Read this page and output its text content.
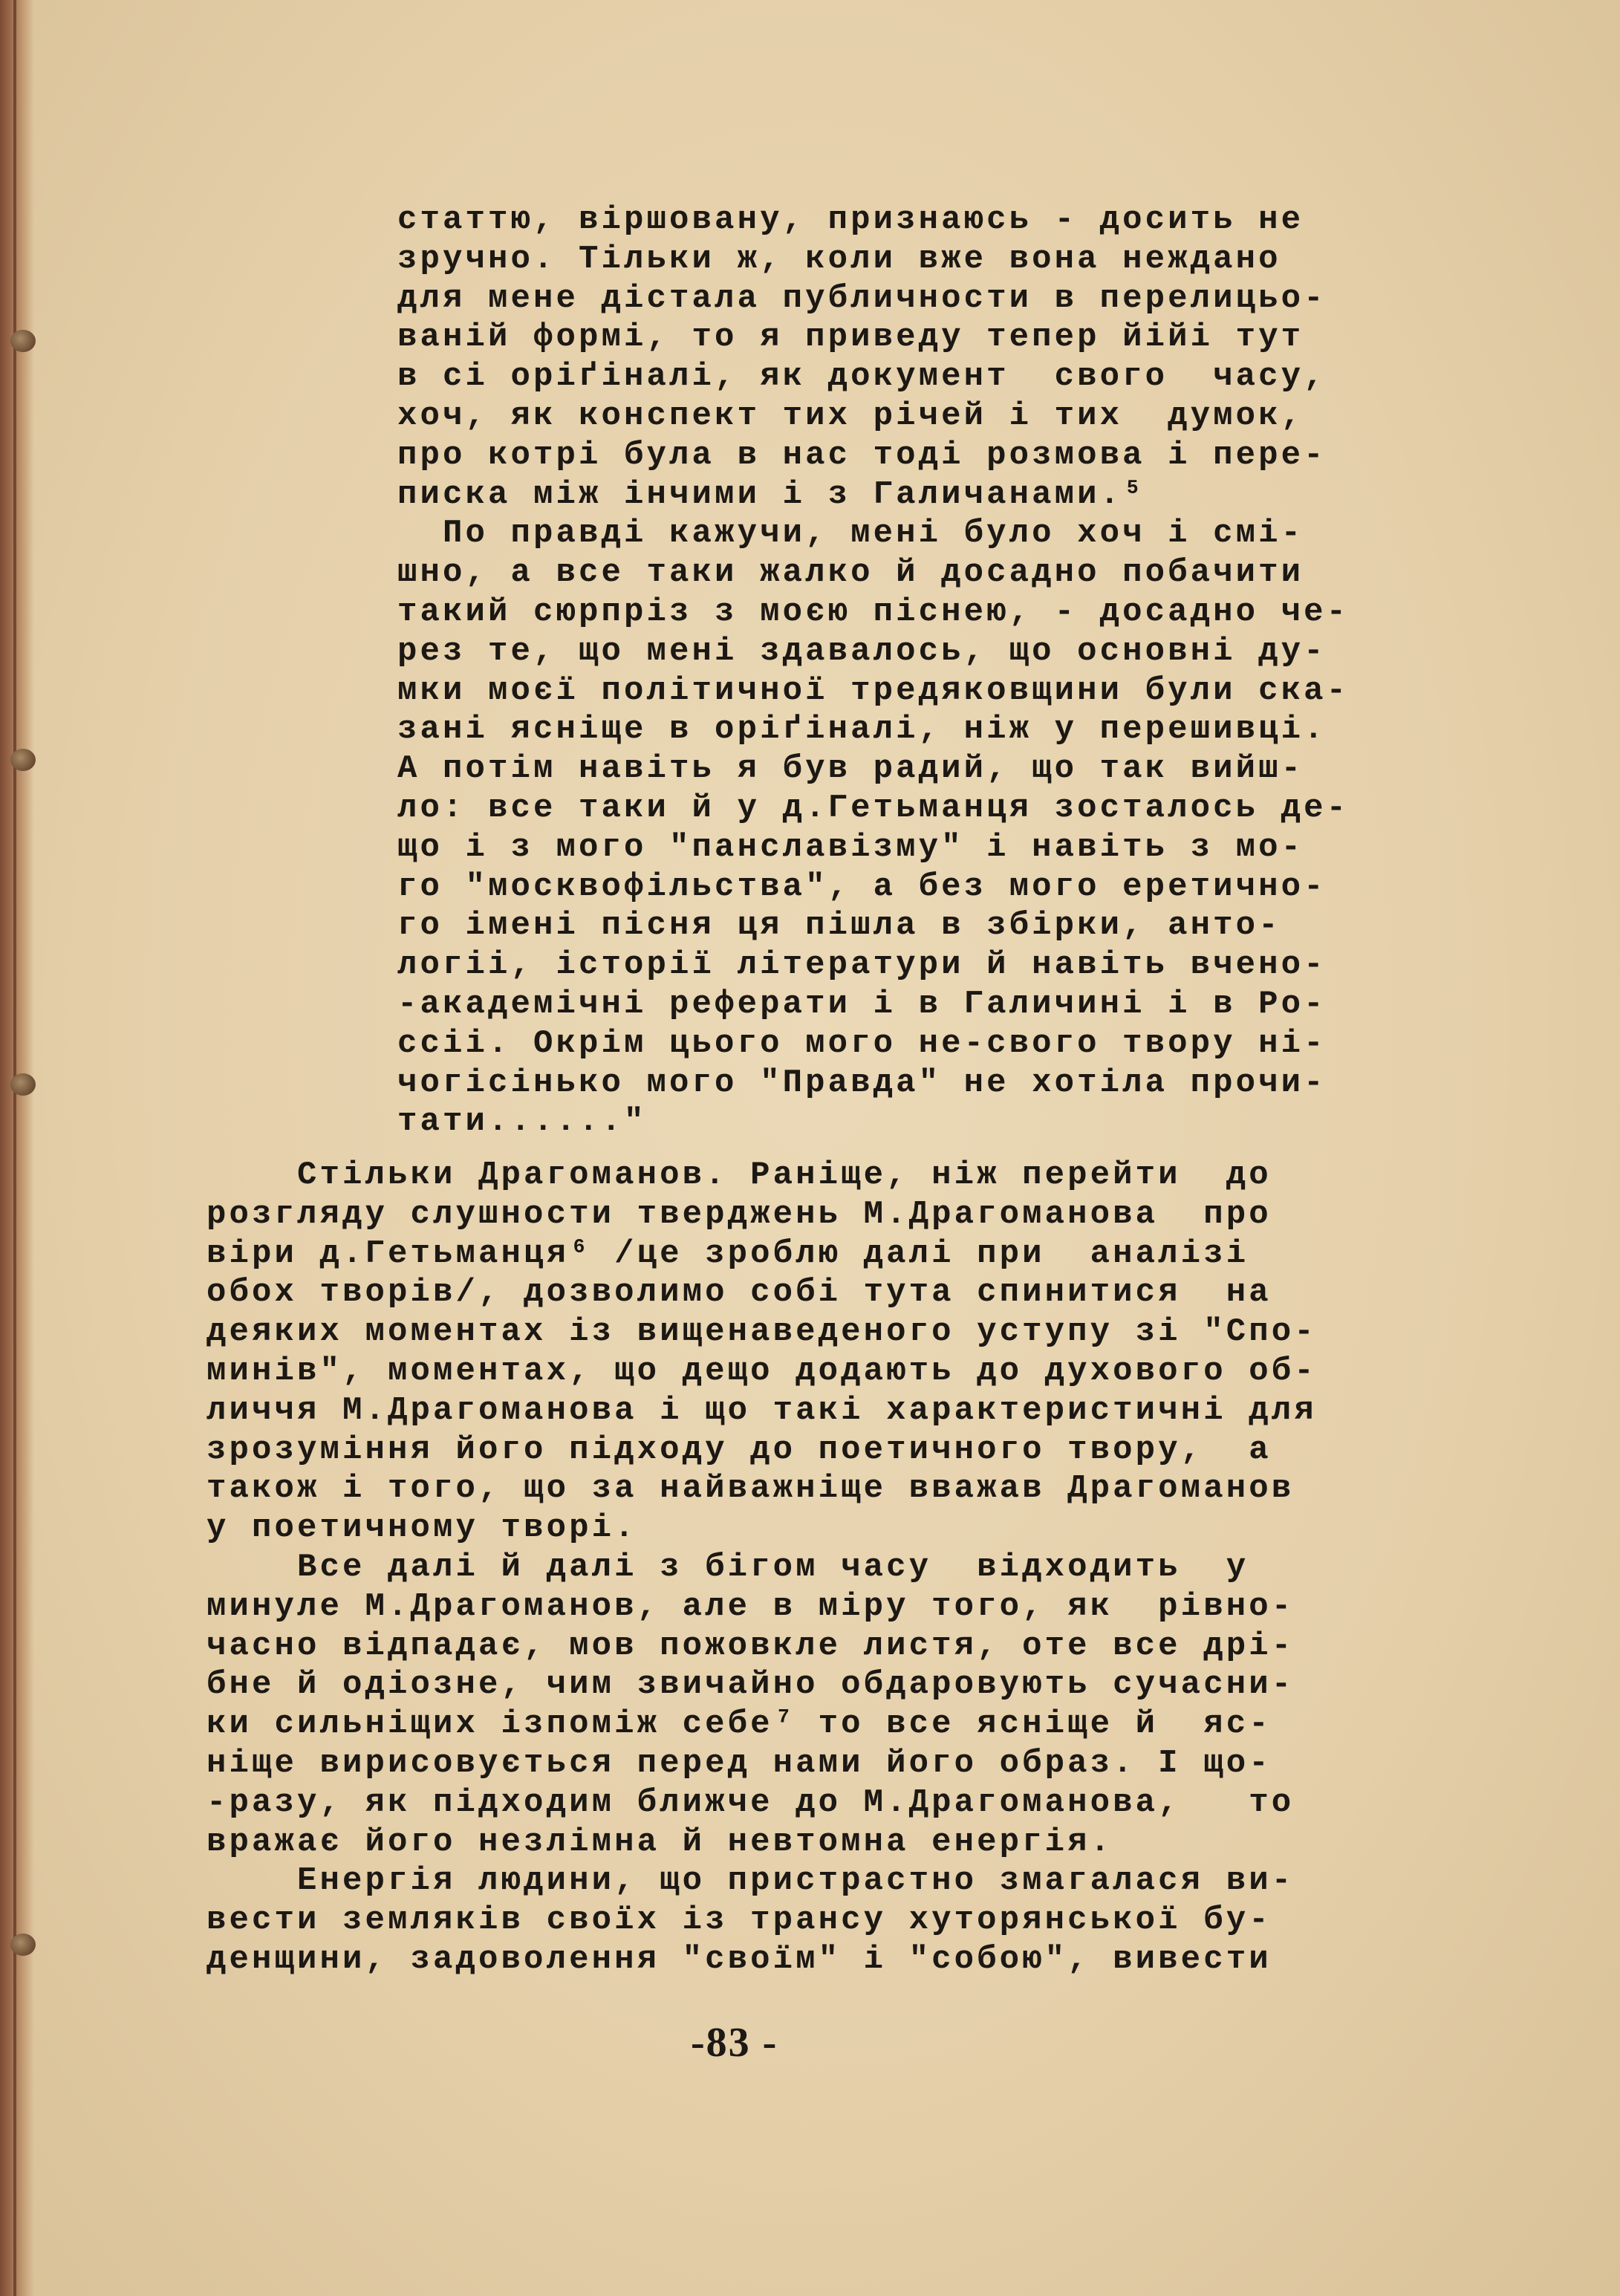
статтю, віршовану, признаюсь - досить не
зручно. Тільки ж, коли вже вона неждано
для мене дістала публичности в перелицьо-
ваній формі, то я приведу тепер йійі тут
в сі оріґіналі, як документ  свого  часу,
хоч, як конспект тих річей і тих  думок,
про котрі була в нас тоді розмова і пере-
писка між інчими і з Галичанами.⁵
По правді кажучи, мені було хоч і смі-
шно, а все таки жалко й досадно побачити
такий сюрпріз з моєю піснею, - досадно че-
рез те, що мені здавалось, що основні ду-
мки моєї політичної тредяковщини були ска-
зані ясніще в оріґіналі, ніж у перешивці.
А потім навіть я був радий, що так вийш-
ло: все таки й у д.Гетьманця зосталось де-
що і з мого "панславізму" і навіть з мо-
го "москвофільства", а без мого еретично-
го імені пісня ця пішла в збірки, анто-
логіі, історії літератури й навіть вчено-
-академічні реферати і в Галичині і в Ро-
ссіі. Окрім цього мого не-свого твору ні-
чогісінько мого "Правда" не хотіла прочи-
тати......"
Стільки Драгоманов. Раніще, ніж перейти  до
розгляду слушности тверджень М.Драгоманова  про
віри д.Гетьманця⁶ /це зроблю далі при  аналізі
обох творів/, дозволимо собі тута спинитися  на
деяких моментах із вищенаведеного уступу зі "Спо-
минів", моментах, що дещо додають до духового об-
личчя М.Драгоманова і що такі характеристичні для
зрозуміння його підходу до поетичного твору,  а
також і того, що за найважніще вважав Драгоманов
у поетичному творі.
Все далі й далі з бігом часу  відходить  у
минуле М.Драгоманов, але в міру того, як  рівно-
часно відпадає, мов пожовкле листя, оте все дрі-
бне й одіозне, чим звичайно обдаровують сучасни-
ки сильніщих ізпоміж себе⁷ то все ясніще й  яс-
ніще вирисовується перед нами його образ. І що-
-разу, як підходим ближче до М.Драгоманова,   то
вражає його незлімна й невтомна енергія.
Енергія людини, що пристрастно змагалася ви-
вести земляків своїх із трансу хуторянської бу-
денщини, задоволення "своїм" і "собою", вивести

-83 -
